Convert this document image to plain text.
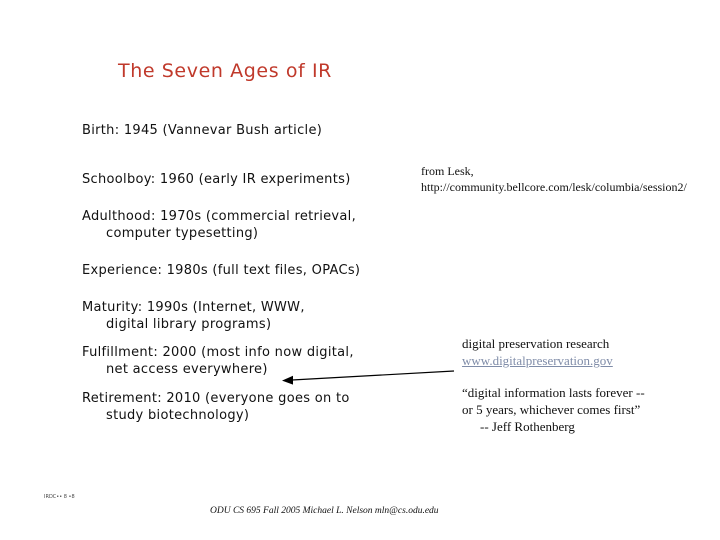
The Seven Ages of IR
Birth: 1945 (Vannevar Bush article)
Schoolboy: 1960 (early IR experiments)
Adulthood: 1970s (commercial retrieval,
computer typesetting)
Experience: 1980s (full text files, OPACs)
Maturity: 1990s (Internet, WWW,
digital library programs)
Fulfillment: 2000 (most info now digital,
net access everywhere)
Retirement: 2010 (everyone goes on to
study biotechnology)
from Lesk,
http://community.bellcore.com/lesk/columbia/session2/
digital preservation research
www.digitalpreservation.gov
“digital information lasts forever --
or 5 years, whichever comes first”
-- Jeff Rothenberg
IRDC•• 8 •8
ODU CS 695 Fall 2005 Michael L. Nelson mln@cs.odu.edu
